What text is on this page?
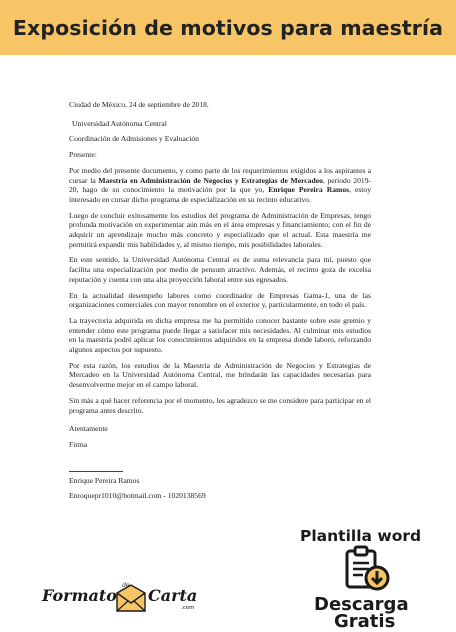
Exposición de motivos para maestría

Ciudad de México, 24 de septiembre de 2018.

Universidad Autónoma Central

Coordinación de Admisiones y Evaluación

Presente:

Por medio del presente documento, y como parte de los requerimientos exigidos a los aspirantes a cursar la Maestría en Administración de Negocios y Estrategias de Mercadeo, periodo 2019-20, hago de su conocimiento la motivación por la que yo, Enrique Pereira Ramos, estoy interesado en cursar dicho programa de especialización en su recinto educativo.

Luego de concluir exitosamente los estudios del programa de Administración de Empresas, tengo profunda motivación en experimentar aún más en el área empresas y financiamiento; con el fin de adquirir un aprendizaje mucho más concreto y especializado que el actual. Esta maestría me permitirá expandir mis habilidades y, al mismo tiempo, mis posibilidades laborales.

En este sentido, la Universidad Autónoma Central es de suma relevancia para mí, puesto que facilita una especialización por medio de pensum atractivo. Además, el recinto goza de excelsa reputación y cuenta con una alta proyección laboral entre sus egresados.

En la actualidad desempeño labores como coordinador de Empresas Gama-1, una de las organizaciones comerciales con mayor renombre en el exterior y, particularmente, en todo el país.

La trayectoria adquirida en dicha empresa me ha permitido conocer bastante sobre este gremio y entender cómo este programa puede llegar a satisfacer mis necesidades. Al culminar mis estudios en la maestría podré aplicar los conocimientos adquiridos en la empresa donde laboro, reforzando algunos aspectos por supuesto.

Por esta razón, los estudios de la Maestría de Administración de Negocios y Estrategias de Mercadeo en la Universidad Autónoma Central, me brindarán las capacidades necesarias para desenvolverme mejor en el campo laboral.

Sin más a qué hacer referencia por el momento, les agradezco se me considere para participar en el programa antes descrito.

Atentamente

Firma

Enrique Pereira Ramos

Enroquepr1010@hotmail.com - 1020138569

Formato
de
Carta
.com
Plantilla word
Descarga
Gratis
